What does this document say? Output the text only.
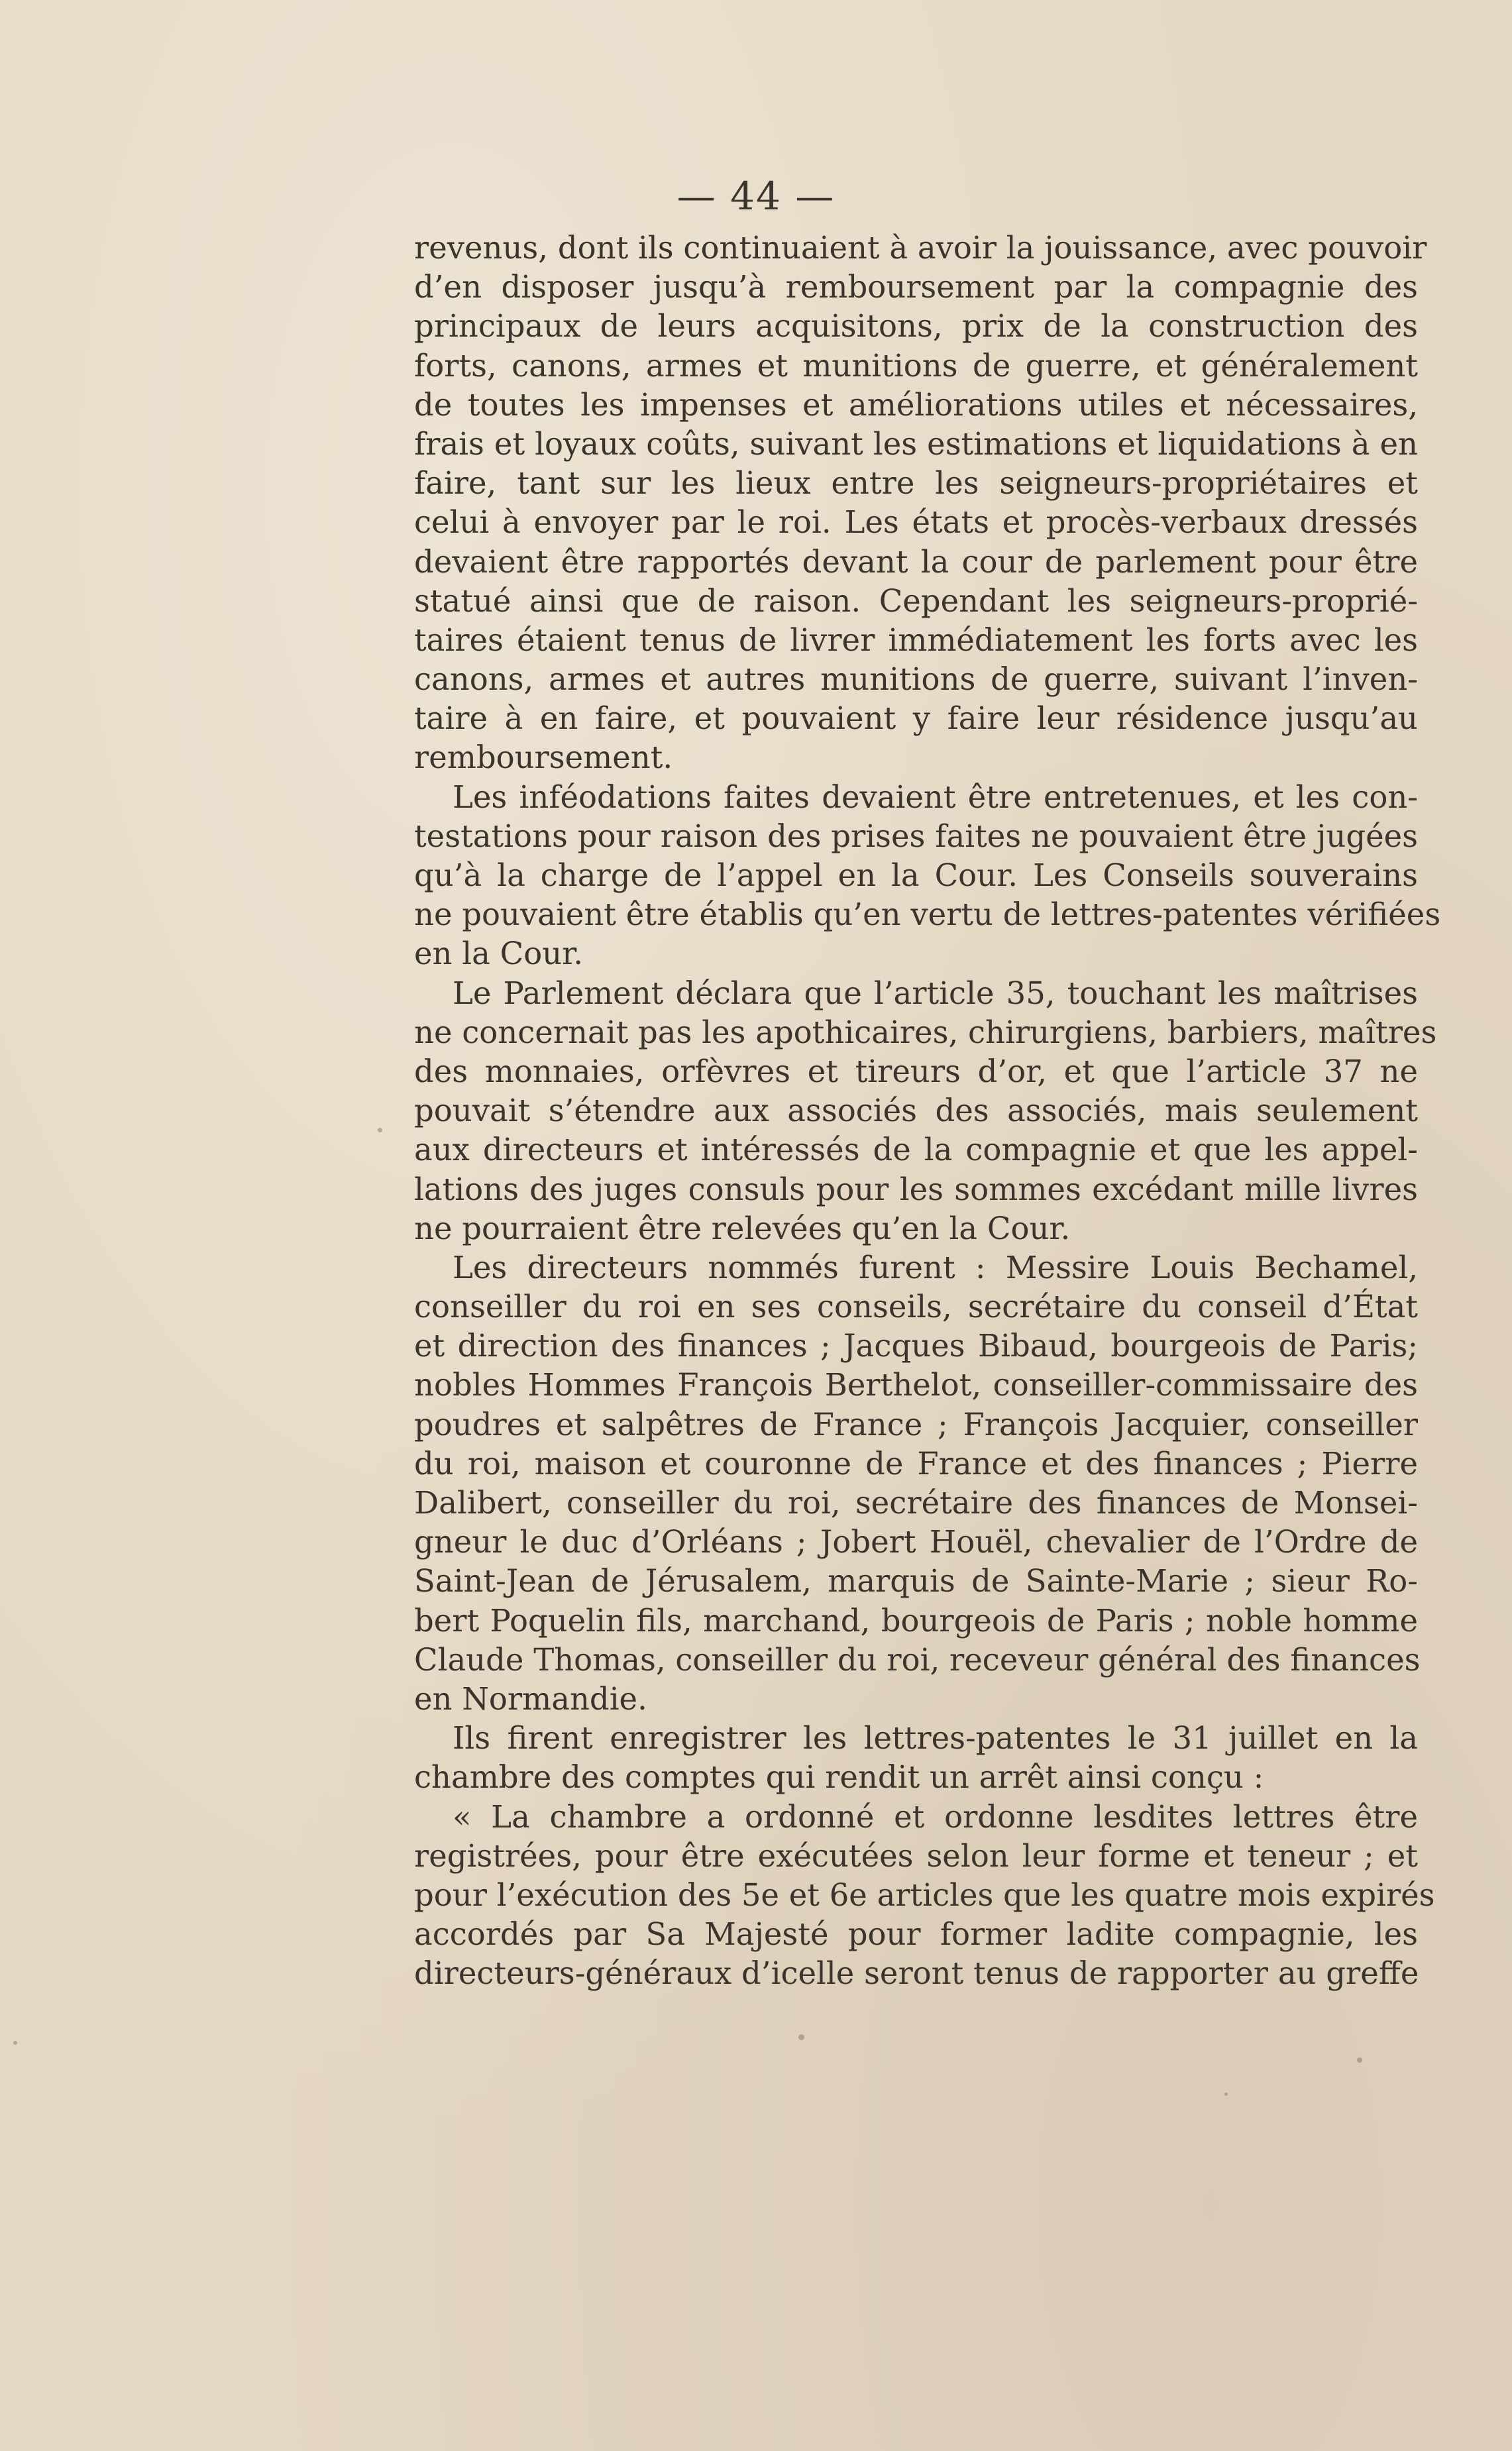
— 44 —
revenus, dont ils continuaient à avoir la jouissance, avec pouvoir
d’en disposer jusqu’à remboursement par la compagnie des
principaux de leurs acquisitons, prix de la construction des
forts, canons, armes et munitions de guerre, et généralement
de toutes les impenses et améliorations utiles et nécessaires,
frais et loyaux coûts, suivant les estimations et liquidations à en
faire, tant sur les lieux entre les seigneurs-propriétaires et
celui à envoyer par le roi. Les états et procès-verbaux dressés
devaient être rapportés devant la cour de parlement pour être
statué ainsi que de raison. Cependant les seigneurs-proprié-
taires étaient tenus de livrer immédiatement les forts avec les
canons, armes et autres munitions de guerre, suivant l’inven-
taire à en faire, et pouvaient y faire leur résidence jusqu’au
remboursement.
Les inféodations faites devaient être entretenues, et les con-
testations pour raison des prises faites ne pouvaient être jugées
qu’à la charge de l’appel en la Cour. Les Conseils souverains
ne pouvaient être établis qu’en vertu de lettres-patentes vérifiées
en la Cour.
Le Parlement déclara que l’article 35, touchant les maîtrises
ne concernait pas les apothicaires, chirurgiens, barbiers, maîtres
des monnaies, orfèvres et tireurs d’or, et que l’article 37 ne
pouvait s’étendre aux associés des associés, mais seulement
aux directeurs et intéressés de la compagnie et que les appel-
lations des juges consuls pour les sommes excédant mille livres
ne pourraient être relevées qu’en la Cour.
Les directeurs nommés furent : Messire Louis Bechamel,
conseiller du roi en ses conseils, secrétaire du conseil d’État
et direction des finances ; Jacques Bibaud, bourgeois de Paris;
nobles Hommes François Berthelot, conseiller-commissaire des
poudres et salpêtres de France ; François Jacquier, conseiller
du roi, maison et couronne de France et des finances ; Pierre
Dalibert, conseiller du roi, secrétaire des finances de Monsei-
gneur le duc d’Orléans ; Jobert Houël, chevalier de l’Ordre de
Saint-Jean de Jérusalem, marquis de Sainte-Marie ; sieur Ro-
bert Poquelin fils, marchand, bourgeois de Paris ; noble homme
Claude Thomas, conseiller du roi, receveur général des finances
en Normandie.
Ils firent enregistrer les lettres-patentes le 31 juillet en la
chambre des comptes qui rendit un arrêt ainsi conçu :
« La chambre a ordonné et ordonne lesdites lettres être
registrées, pour être exécutées selon leur forme et teneur ; et
pour l’exécution des 5e et 6e articles que les quatre mois expirés
accordés par Sa Majesté pour former ladite compagnie, les
directeurs-généraux d’icelle seront tenus de rapporter au greffe
